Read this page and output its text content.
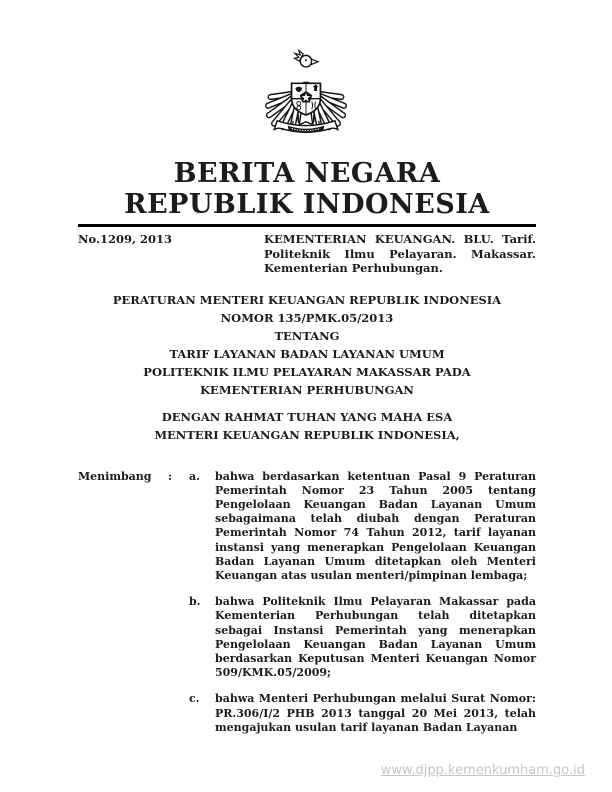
BERITA NEGARA
REPUBLIK INDONESIA
No.1209, 2013	KEMENTERIAN KEUANGAN. BLU. Tarif. Politeknik Ilmu Pelayaran. Makassar. Kementerian Perhubungan.
PERATURAN MENTERI KEUANGAN REPUBLIK INDONESIA
NOMOR 135/PMK.05/2013
TENTANG
TARIF LAYANAN BADAN LAYANAN UMUM
POLITEKNIK ILMU PELAYARAN MAKASSAR PADA
KEMENTERIAN PERHUBUNGAN
DENGAN RAHMAT TUHAN YANG MAHA ESA
MENTERI KEUANGAN REPUBLIK INDONESIA,
Menimbang	:	a.	bahwa berdasarkan ketentuan Pasal 9 Peraturan Pemerintah Nomor 23 Tahun 2005 tentang Pengelolaan Keuangan Badan Layanan Umum sebagaimana telah diubah dengan Peraturan Pemerintah Nomor 74 Tahun 2012, tarif layanan instansi yang menerapkan Pengelolaan Keuangan Badan Layanan Umum ditetapkan oleh Menteri Keuangan atas usulan menteri/pimpinan lembaga;
b.	bahwa Politeknik Ilmu Pelayaran Makassar pada Kementerian Perhubungan telah ditetapkan sebagai Instansi Pemerintah yang menerapkan Pengelolaan Keuangan Badan Layanan Umum berdasarkan Keputusan Menteri Keuangan Nomor 509/KMK.05/2009;
c.	bahwa Menteri Perhubungan melalui Surat Nomor: PR.306/I/2 PHB 2013 tanggal 20 Mei 2013, telah mengajukan usulan tarif layanan Badan Layanan
www.djpp.kemenkumham.go.id
